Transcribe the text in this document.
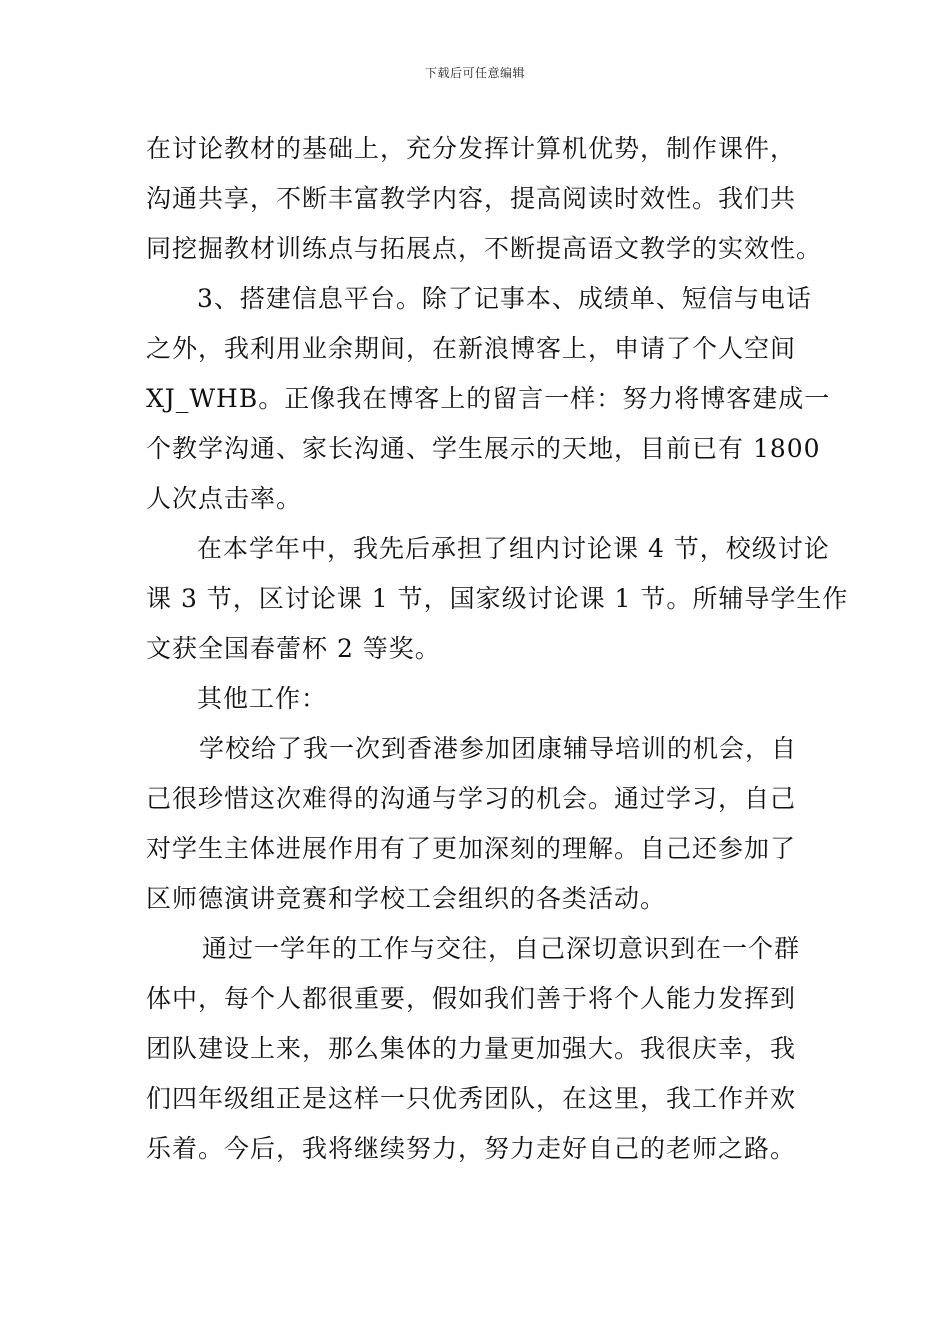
下载后可任意编辑
在讨论教材的基础上，充分发挥计算机优势，制作课件，
沟通共享，不断丰富教学内容，提高阅读时效性。我们共
同挖掘教材训练点与拓展点，不断提高语文教学的实效性。
3、搭建信息平台。除了记事本、成绩单、短信与电话
之外，我利用业余期间，在新浪博客上，申请了个人空间
XJ_WHB。正像我在博客上的留言一样：努力将博客建成一
个教学沟通、家长沟通、学生展示的天地，目前已有 1800
人次点击率。
在本学年中，我先后承担了组内讨论课 4 节，校级讨论
课 3 节，区讨论课 1 节，国家级讨论课 1 节。所辅导学生作
文获全国春蕾杯 2 等奖。
其他工作：
学校给了我一次到香港参加团康辅导培训的机会，自
己很珍惜这次难得的沟通与学习的机会。通过学习，自己
对学生主体进展作用有了更加深刻的理解。自己还参加了
区师德演讲竞赛和学校工会组织的各类活动。
通过一学年的工作与交往，自己深切意识到在一个群
体中，每个人都很重要，假如我们善于将个人能力发挥到
团队建设上来，那么集体的力量更加强大。我很庆幸，我
们四年级组正是这样一只优秀团队，在这里，我工作并欢
乐着。今后，我将继续努力，努力走好自己的老师之路。
